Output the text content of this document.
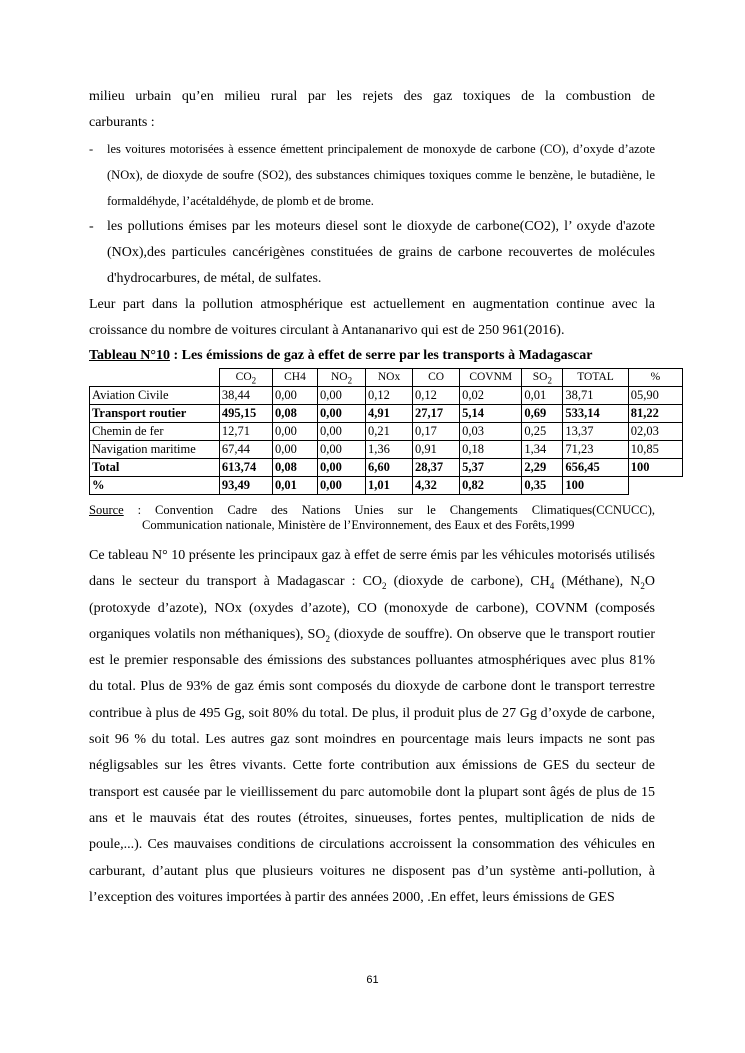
milieu urbain qu’en milieu rural par les rejets des gaz toxiques de la combustion de

carburants :

- les voitures motorisées à essence émettent principalement de monoxyde de carbone (CO), d’oxyde d’azote (NOx), de dioxyde de soufre (SO2), des substances chimiques toxiques comme le benzène, le butadiène, le formaldéhyde, l’acétaldéhyde, de plomb et de brome.
- les pollutions émises par les moteurs diesel sont le dioxyde de carbone(CO2), l’ oxyde d'azote (NOx),des particules cancérigènes constituées de grains de carbone recouvertes de molécules d'hydrocarbures, de métal, de sulfates.

Leur part dans la pollution atmosphérique est actuellement en augmentation continue avec la croissance du nombre de voitures circulant à Antananarivo qui est de 250 961(2016).

Tableau N°10 : Les émissions de gaz à effet de serre par les transports à Madagascar

	$CO_2$	CH4	$NO_2$	NOx	CO	COVNM	$SO_2$	TOTAL	%
Aviation Civile	38,44	0,00	0,00	0,12	0,12	0,02	0,01	38,71	05,90
Transport routier	495,15	0,08	0,00	4,91	27,17	5,14	0,69	533,14	81,22
Chemin de fer	12,71	0,00	0,00	0,21	0,17	0,03	0,25	13,37	02,03
Navigation maritime	67,44	0,00	0,00	1,36	0,91	0,18	1,34	71,23	10,85
Total	613,74	0,08	0,00	6,60	28,37	5,37	2,29	656,45	100
%	93,49	0,01	0,00	1,01	4,32	0,82	0,35	100	
Source : Convention Cadre des Nations Unies sur le Changements Climatiques(CCNUCC),
Communication nationale, Ministère de l’Environnement, des Eaux et des Forêts,1999

Ce tableau N° 10 présente les principaux gaz à effet de serre émis par les véhicules motorisés utilisés dans le secteur du transport à Madagascar : $CO_2$ (dioxyde de carbone), $CH_4$ (Méthane), $N_2O$ (protoxyde d’azote), NOx (oxydes d’azote), CO (monoxyde de carbone), COVNM (composés organiques volatils non méthaniques), $SO_2$ (dioxyde de souffre). On observe que le transport routier est le premier responsable des émissions des substances polluantes atmosphériques avec plus 81% du total. Plus de 93% de gaz émis sont composés du dioxyde de carbone dont le transport terrestre contribue à plus de 495 Gg, soit 80% du total. De plus, il produit plus de 27 Gg d’oxyde de carbone, soit 96 % du total. Les autres gaz sont moindres en pourcentage mais leurs impacts ne sont pas négligsables sur les êtres vivants. Cette forte contribution aux émissions de GES du secteur de transport est causée par le vieillissement du parc automobile dont la plupart sont âgés de plus de 15 ans et le mauvais état des routes (étroites, sinueuses, fortes pentes, multiplication de nids de poule,...). Ces mauvaises conditions de circulations accroissent la consommation des véhicules en carburant, d’autant plus que plusieurs voitures ne disposent pas d’un système anti-pollution, à l’exception des voitures importées à partir des années 2000, .En effet, leurs émissions de GES

61
